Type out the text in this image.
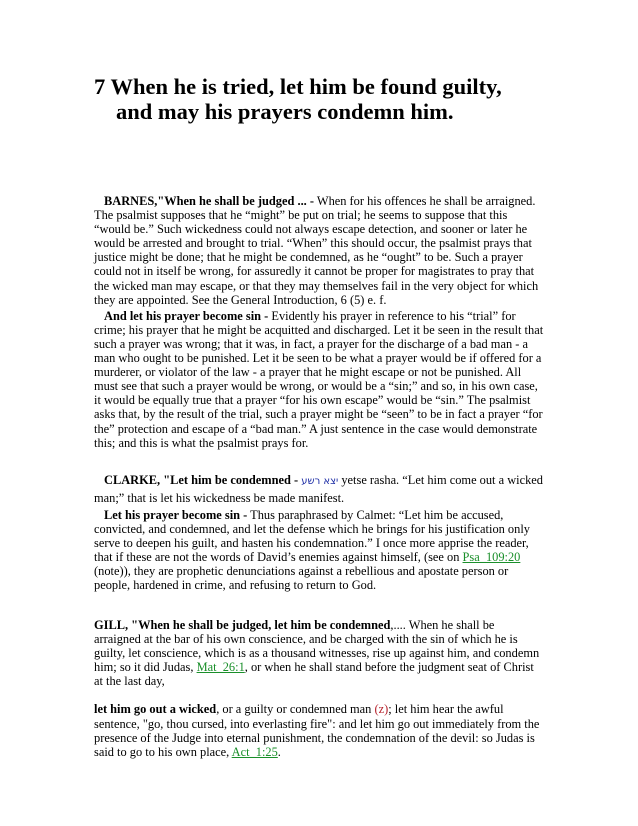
7 When he is tried, let him be found guilty,
and may his prayers condemn him.

BARNES,"When he shall be judged ... - When for his offences he shall be arraigned. The psalmist supposes that he “might” be put on trial; he seems to suppose that this “would be.” Such wickedness could not always escape detection, and sooner or later he would be arrested and brought to trial. “When” this should occur, the psalmist prays that justice might be done; that he might be condemned, as he “ought” to be. Such a prayer could not in itself be wrong, for assuredly it cannot be proper for magistrates to pray that the wicked man may escape, or that they may themselves fail in the very object for which they are appointed. See the General Introduction, 6 (5) e. f.

And let his prayer become sin - Evidently his prayer in reference to his “trial” for crime; his prayer that he might be acquitted and discharged. Let it be seen in the result that such a prayer was wrong; that it was, in fact, a prayer for the discharge of a bad man - a man who ought to be punished. Let it be seen to be what a prayer would be if offered for a murderer, or violator of the law - a prayer that he might escape or not be punished. All must see that such a prayer would be wrong, or would be a “sin;” and so, in his own case, it would be equally true that a prayer “for his own escape” would be “sin.” The psalmist asks that, by the result of the trial, such a prayer might be “seen” to be in fact a prayer “for the” protection and escape of a “bad man.” A just sentence in the case would demonstrate this; and this is what the psalmist prays for.

CLARKE, "Let him be condemned - יצא רשע yetse rasha. “Let him come out a wicked man;” that is let his wickedness be made manifest.

Let his prayer become sin - Thus paraphrased by Calmet: “Let him be accused, convicted, and condemned, and let the defense which he brings for his justification only serve to deepen his guilt, and hasten his condemnation.” I once more apprise the reader, that if these are not the words of David’s enemies against himself, (see on Psa_109:20 (note)), they are prophetic denunciations against a rebellious and apostate person or people, hardened in crime, and refusing to return to God.

GILL, "When he shall be judged, let him be condemned,.... When he shall be arraigned at the bar of his own conscience, and be charged with the sin of which he is guilty, let conscience, which is as a thousand witnesses, rise up against him, and condemn him; so it did Judas, Mat_26:1, or when he shall stand before the judgment seat of Christ at the last day,

let him go out a wicked, or a guilty or condemned man (z); let him hear the awful sentence, "go, thou cursed, into everlasting fire": and let him go out immediately from the presence of the Judge into eternal punishment, the condemnation of the devil: so Judas is said to go to his own place, Act_1:25.
